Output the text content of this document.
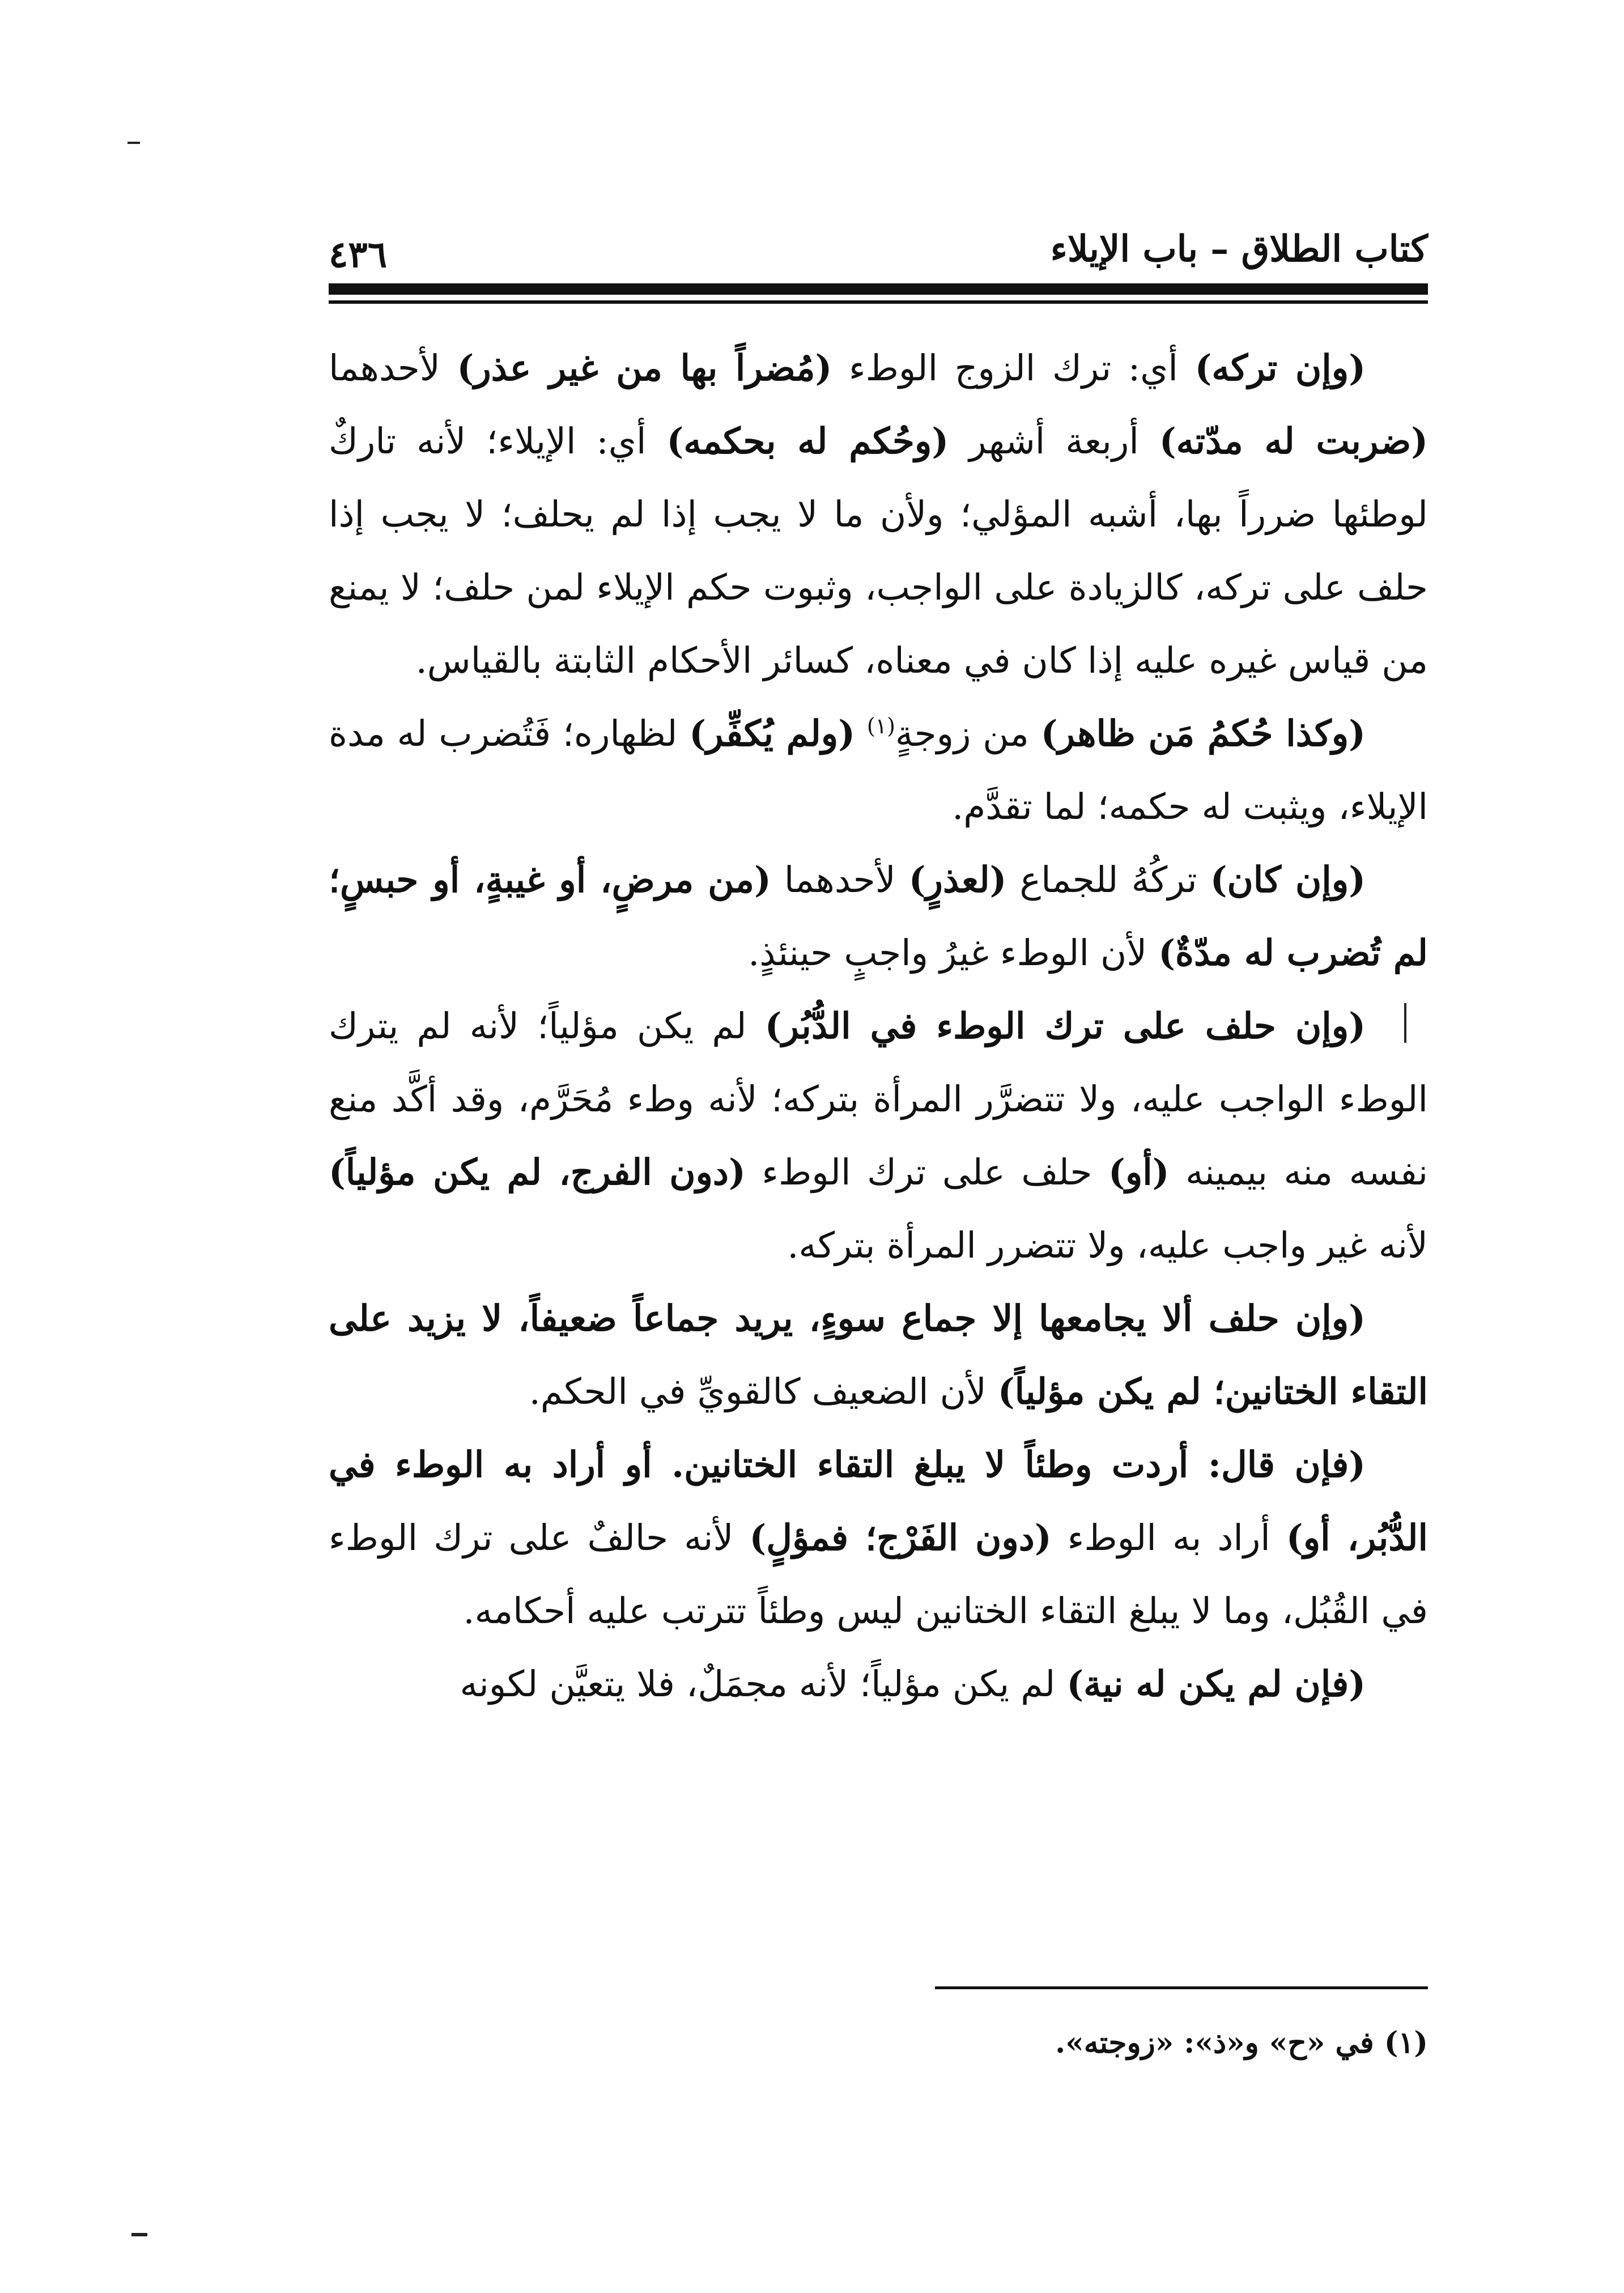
كتاب الطلاق – باب الإيلاء
٤٣٦

(وإن تركه) أي: ترك الزوج الوطء (مُضراً بها من غير عذر) لأحدهما (ضربت له مدّته) أربعة أشهر (وحُكم له بحكمه) أي: الإيلاء؛ لأنه تاركٌ لوطئها ضرراً بها، أشبه المؤلي؛ ولأن ما لا يجب إذا لم يحلف؛ لا يجب إذا حلف على تركه، كالزيادة على الواجب، وثبوت حكم الإيلاء لمن حلف؛ لا يمنع من قياس غيره عليه إذا كان في معناه، كسائر الأحكام الثابتة بالقياس.

(وكذا حُكمُ مَن ظاهر) من زوجةٍ$^{(١)}$ (ولم يُكفِّر) لظهاره؛ فَتُضرب له مدة الإيلاء، ويثبت له حكمه؛ لما تقدَّم.

(وإن كان) تركُهُ للجماع (لعذرٍ) لأحدهما (من مرضٍ، أو غيبةٍ، أو حبسٍ؛ لم تُضرب له مدّةٌ) لأن الوطء غيرُ واجبٍ حينئذٍ.

(وإن حلف على ترك الوطء في الدُّبُر) لم يكن مؤلياً؛ لأنه لم يترك الوطء الواجب عليه، ولا تتضرَّر المرأة بتركه؛ لأنه وطء مُحَرَّم، وقد أكَّد منع نفسه منه بيمينه (أو) حلف على ترك الوطء (دون الفرج، لم يكن مؤلياً) لأنه غير واجب عليه، ولا تتضرر المرأة بتركه.

(وإن حلف ألا يجامعها إلا جماع سوءٍ، يريد جماعاً ضعيفاً، لا يزيد على التقاء الختانين؛ لم يكن مؤلياً) لأن الضعيف كالقويِّ في الحكم.

(فإن قال: أردت وطئاً لا يبلغ التقاء الختانين. أو أراد به الوطء في الدُّبُر، أو) أراد به الوطء (دون الفَرْج؛ فمؤلٍ) لأنه حالفٌ على ترك الوطء في القُبُل، وما لا يبلغ التقاء الختانين ليس وطئاً تترتب عليه أحكامه.

(فإن لم يكن له نية) لم يكن مؤلياً؛ لأنه مجمَلٌ، فلا يتعيَّن لكونه

(١) في «ح» و«ذ»: «زوجته».
